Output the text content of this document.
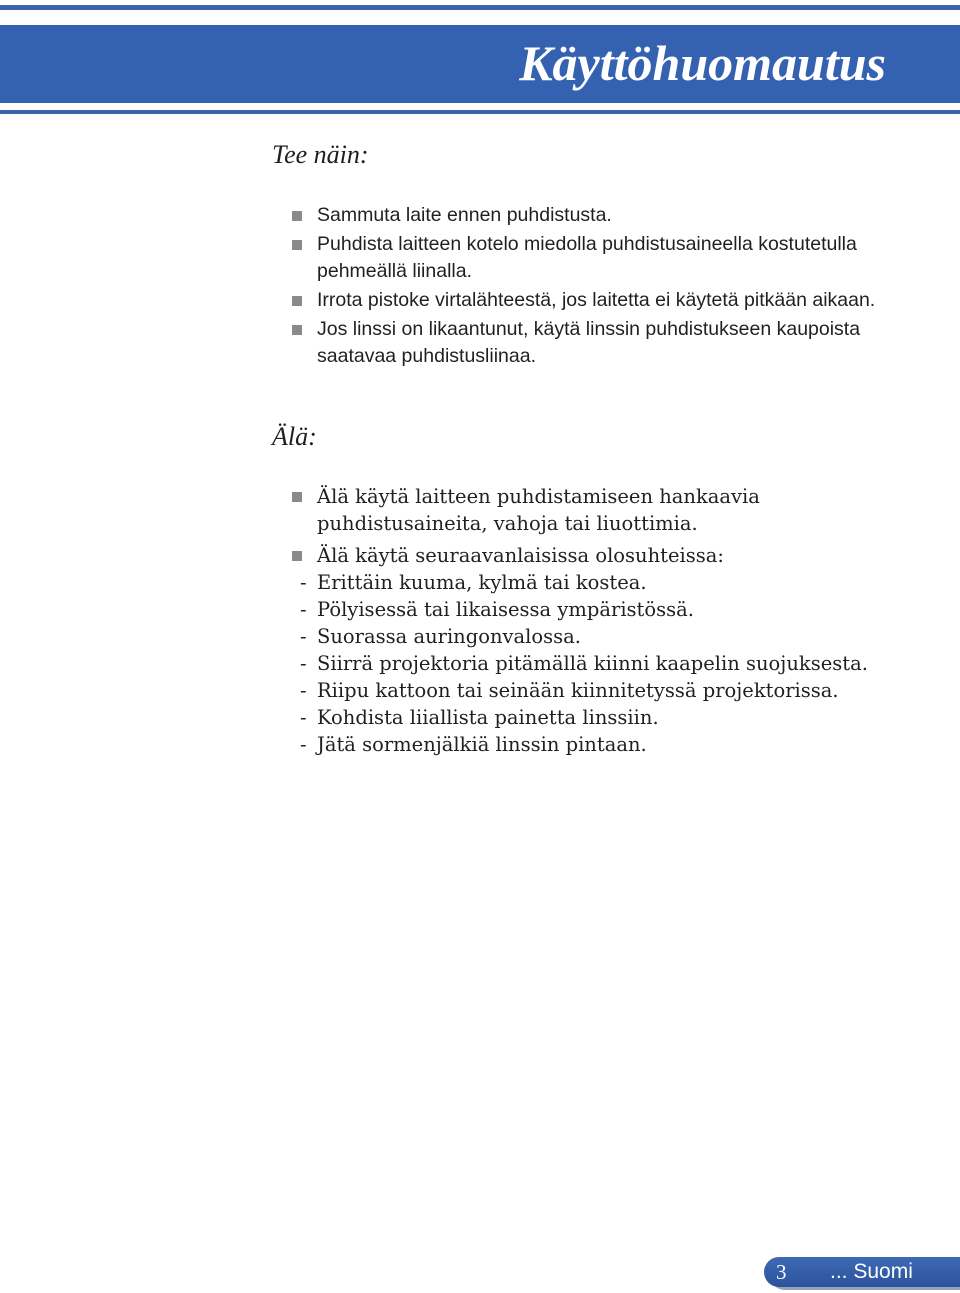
Käyttöhuomautus
Tee näin:
Sammuta laite ennen puhdistusta.
Puhdista laitteen kotelo miedolla puhdistusaineella kostutetulla pehmeällä liinalla.
Irrota pistoke virtalähteestä, jos laitetta ei käytetä pitkään aikaan.
Jos linssi on likaantunut, käytä linssin puhdistukseen kaupoista saatavaa puhdistusliinaa.
Älä:
Älä käytä laitteen puhdistamiseen hankaavia puhdistusaineita, vahoja tai liuottimia.
Älä käytä seuraavanlaisissa olosuhteissa:
- Erittäin kuuma, kylmä tai kostea.
- Pölyisessä tai likaisessa ympäristössä.
- Suorassa auringonvalossa.
- Siirrä projektoria pitämällä kiinni kaapelin suojuksesta.
- Riipu kattoon tai seinään kiinnitetyssä projektorissa.
- Kohdista liiallista painetta linssiin.
- Jätä sormenjälkiä linssin pintaan.
3 ... Suomi
